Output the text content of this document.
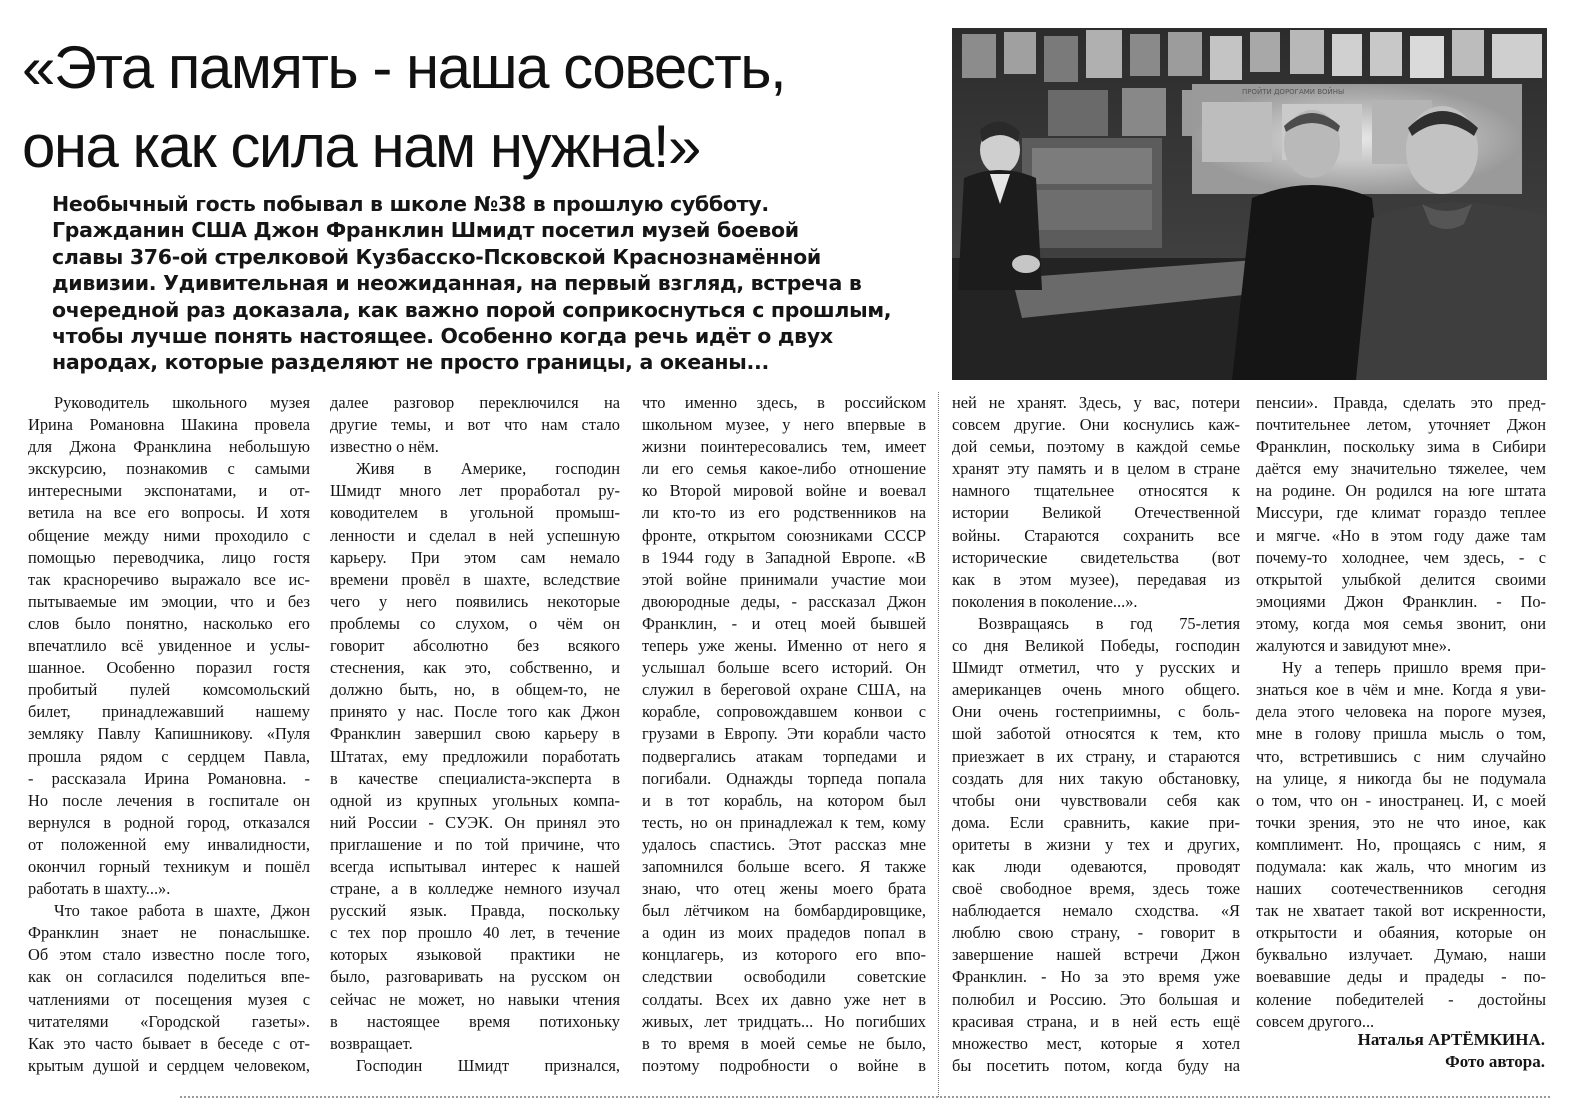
«Эта память - наша совесть,
она как сила нам нужна!»
Необычный гость побывал в школе №38 в прошлую субботу.
Гражданин США Джон Франклин Шмидт посетил музей боевой
славы 376-ой стрелковой Кузбасско-Псковской Краснознамённой
дивизии. Удивительная и неожиданная, на первый взгляд, встреча в
очередной раз доказала, как важно порой соприкоснуться с прошлым,
чтобы лучше понять настоящее. Особенно когда речь идёт о двух
народах, которые разделяют не просто границы, а океаны...
ПРОЙТИ ДОРОГАМИ ВОЙНЫ
Руководитель школьного музея
Ирина Романовна Шакина провела
для Джона Франклина небольшую
экскурсию, познакомив с самыми
интересными экспонатами, и от-
ветила на все его вопросы. И хотя
общение между ними проходило с
помощью переводчика, лицо гостя
так красноречиво выражало все ис-
пытываемые им эмоции, что и без
слов было понятно, насколько его
впечатлило всё увиденное и услы-
шанное. Особенно поразил гостя
пробитый пулей комсомольский
билет, принадлежавший нашему
земляку Павлу Капишникову. «Пуля
прошла рядом с сердцем Павла,
- рассказала Ирина Романовна. -
Но после лечения в госпитале он
вернулся в родной город, отказался
от положенной ему инвалидности,
окончил горный техникум и пошёл
работать в шахту...».
Что такое работа в шахте, Джон
Франклин знает не понаслышке.
Об этом стало известно после того,
как он согласился поделиться впе-
чатлениями от посещения музея с
читателями «Городской газеты».
Как это часто бывает в беседе с от-
крытым душой и сердцем человеком,
далее разговор переключился на
другие темы, и вот что нам стало
известно о нём.
Живя в Америке, господин
Шмидт много лет проработал ру-
ководителем в угольной промыш-
ленности и сделал в ней успешную
карьеру. При этом сам немало
времени провёл в шахте, вследствие
чего у него появились некоторые
проблемы со слухом, о чём он
говорит абсолютно без всякого
стеснения, как это, собственно, и
должно быть, но, в общем-то, не
принято у нас. После того как Джон
Франклин завершил свою карьеру в
Штатах, ему предложили поработать
в качестве специалиста-эксперта в
одной из крупных угольных компа-
ний России - СУЭК. Он принял это
приглашение и по той причине, что
всегда испытывал интерес к нашей
стране, а в колледже немного изучал
русский язык. Правда, поскольку
с тех пор прошло 40 лет, в течение
которых языковой практики не
было, разговаривать на русском он
сейчас не может, но навыки чтения
в настоящее время потихоньку
возвращает.
Господин Шмидт признался,
что именно здесь, в российском
школьном музее, у него впервые в
жизни поинтересовались тем, имеет
ли его семья какое-либо отношение
ко Второй мировой войне и воевал
ли кто-то из его родственников на
фронте, открытом союзниками СССР
в 1944 году в Западной Европе. «В
этой войне принимали участие мои
двоюродные деды, - рассказал Джон
Франклин, - и отец моей бывшей
теперь уже жены. Именно от него я
услышал больше всего историй. Он
служил в береговой охране США, на
корабле, сопровождавшем конвои с
грузами в Европу. Эти корабли часто
подвергались атакам торпедами и
погибали. Однажды торпеда попала
и в тот корабль, на котором был
тесть, но он принадлежал к тем, кому
удалось спастись. Этот рассказ мне
запомнился больше всего. Я также
знаю, что отец жены моего брата
был лётчиком на бомбардировщике,
а один из моих прадедов попал в
концлагерь, из которого его впо-
следствии освободили советские
солдаты. Всех их давно уже нет в
живых, лет тридцать... Но погибших
в то время в моей семье не было,
поэтому подробности о войне в
ней не хранят. Здесь, у вас, потери
совсем другие. Они коснулись каж-
дой семьи, поэтому в каждой семье
хранят эту память и в целом в стране
намного тщательнее относятся к
истории Великой Отечественной
войны. Стараются сохранить все
исторические свидетельства (вот
как в этом музее), передавая из
поколения в поколение...».
Возвращаясь в год 75-летия
со дня Великой Победы, господин
Шмидт отметил, что у русских и
американцев очень много общего.
Они очень гостеприимны, с боль-
шой заботой относятся к тем, кто
приезжает в их страну, и стараются
создать для них такую обстановку,
чтобы они чувствовали себя как
дома. Если сравнить, какие при-
оритеты в жизни у тех и других,
как люди одеваются, проводят
своё свободное время, здесь тоже
наблюдается немало сходства. «Я
люблю свою страну, - говорит в
завершение нашей встречи Джон
Франклин. - Но за это время уже
полюбил и Россию. Это большая и
красивая страна, и в ней есть ещё
множество мест, которые я хотел
бы посетить потом, когда буду на
пенсии». Правда, сделать это пред-
почтительнее летом, уточняет Джон
Франклин, поскольку зима в Сибири
даётся ему значительно тяжелее, чем
на родине. Он родился на юге штата
Миссури, где климат гораздо теплее
и мягче. «Но в этом году даже там
почему-то холоднее, чем здесь, - с
открытой улыбкой делится своими
эмоциями Джон Франклин. - По-
этому, когда моя семья звонит, они
жалуются и завидуют мне».
Ну а теперь пришло время при-
знаться кое в чём и мне. Когда я уви-
дела этого человека на пороге музея,
мне в голову пришла мысль о том,
что, встретившись с ним случайно
на улице, я никогда бы не подумала
о том, что он - иностранец. И, с моей
точки зрения, это не что иное, как
комплимент. Но, прощаясь с ним, я
подумала: как жаль, что многим из
наших соотечественников сегодня
так не хватает такой вот искренности,
открытости и обаяния, которые он
буквально излучает. Думаю, наши
воевавшие деды и прадеды - по-
коление победителей - достойны
совсем другого...
Наталья АРТЁМКИНА.
Фото автора.
